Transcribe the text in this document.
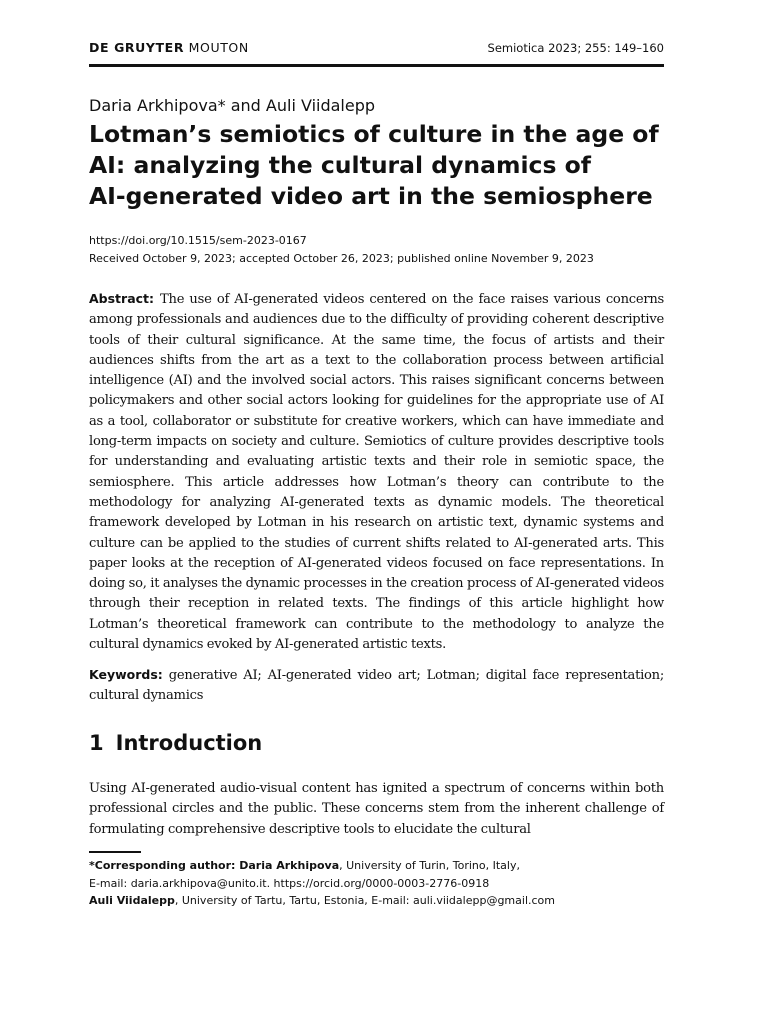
DE GRUYTER MOUTON	Semiotica 2023; 255: 149–160
Daria Arkhipova* and Auli Viidalepp
Lotman’s semiotics of culture in the age of
AI: analyzing the cultural dynamics of
AI-generated video art in the semiosphere
https://doi.org/10.1515/sem-2023-0167
Received October 9, 2023; accepted October 26, 2023; published online November 9, 2023

Abstract: The use of AI-generated videos centered on the face raises various concerns among professionals and audiences due to the difficulty of providing coherent descriptive tools of their cultural significance. At the same time, the focus of artists and their audiences shifts from the art as a text to the collaboration process between artificial intelligence (AI) and the involved social actors. This raises significant concerns between policymakers and other social actors looking for guidelines for the appropriate use of AI as a tool, collaborator or substitute for creative workers, which can have immediate and long-term impacts on society and culture. Semiotics of culture provides descriptive tools for understanding and evaluating artistic texts and their role in semiotic space, the semiosphere. This article addresses how Lotman’s theory can contribute to the methodology for analyzing AI-generated texts as dynamic models. The theoretical framework developed by Lotman in his research on artistic text, dynamic systems and culture can be applied to the studies of current shifts related to AI-generated arts. This paper looks at the reception of AI-generated videos focused on face representations. In doing so, it analyses the dynamic processes in the creation process of AI-generated videos through their reception in related texts. The findings of this article highlight how Lotman’s theoretical framework can contribute to the methodology to analyze the cultural dynamics evoked by AI-generated artistic texts.

Keywords: generative AI; AI-generated video art; Lotman; digital face representation; cultural dynamics

1 Introduction

Using AI-generated audio-visual content has ignited a spectrum of concerns within both professional circles and the public. These concerns stem from the inherent challenge of formulating comprehensive descriptive tools to elucidate the cultural

*Corresponding author: Daria Arkhipova, University of Turin, Torino, Italy,
E-mail: daria.arkhipova@unito.it. https://orcid.org/0000-0003-2776-0918
Auli Viidalepp, University of Tartu, Tartu, Estonia, E-mail: auli.viidalepp@gmail.com
